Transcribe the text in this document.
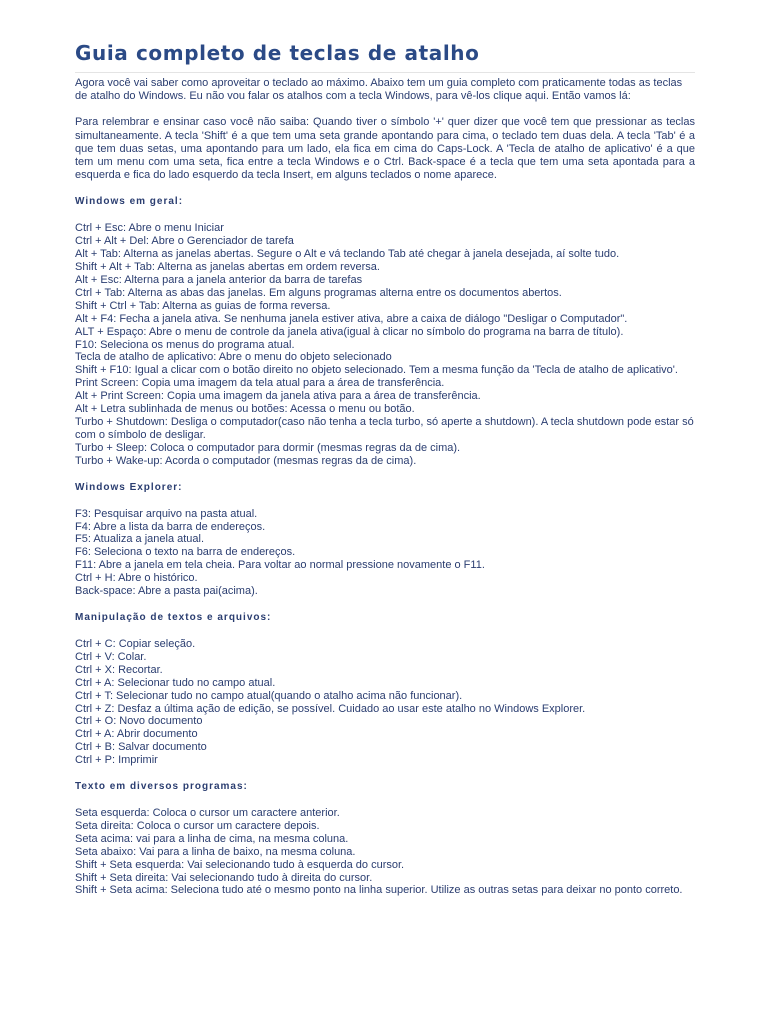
Guia completo de teclas de atalho

Agora você vai saber como aproveitar o teclado ao máximo. Abaixo tem um guia completo com praticamente todas as teclas de atalho do Windows. Eu não vou falar os atalhos com a tecla Windows, para vê-los clique aqui. Então vamos lá:

Para relembrar e ensinar caso você não saiba: Quando tiver o símbolo '+' quer dizer que você tem que pressionar as teclas simultaneamente. A tecla 'Shift' é a que tem uma seta grande apontando para cima, o teclado tem duas dela. A tecla 'Tab' é a que tem duas setas, uma apontando para um lado, ela fica em cima do Caps-Lock. A 'Tecla de atalho de aplicativo' é a que tem um menu com uma seta, fica entre a tecla Windows e o Ctrl. Back-space é a tecla que tem uma seta apontada para a esquerda e fica do lado esquerdo da tecla Insert, em alguns teclados o nome aparece.

Windows em geral:
Ctrl + Esc: Abre o menu Iniciar
Ctrl + Alt + Del: Abre o Gerenciador de tarefa
Alt + Tab: Alterna as janelas abertas. Segure o Alt e vá teclando Tab até chegar à janela desejada, aí solte tudo.
Shift + Alt + Tab: Alterna as janelas abertas em ordem reversa.
Alt + Esc: Alterna para a janela anterior da barra de tarefas
Ctrl + Tab: Alterna as abas das janelas. Em alguns programas alterna entre os documentos abertos.
Shift + Ctrl + Tab: Alterna as guias de forma reversa.
Alt + F4: Fecha a janela ativa. Se nenhuma janela estiver ativa, abre a caixa de diálogo "Desligar o Computador".
ALT + Espaço: Abre o menu de controle da janela ativa(igual à clicar no símbolo do programa na barra de título).
F10: Seleciona os menus do programa atual.
Tecla de atalho de aplicativo: Abre o menu do objeto selecionado
Shift + F10: Igual a clicar com o botão direito no objeto selecionado. Tem a mesma função da 'Tecla de atalho de aplicativo'.
Print Screen: Copia uma imagem da tela atual para a área de transferência.
Alt + Print Screen: Copia uma imagem da janela ativa para a área de transferência.
Alt + Letra sublinhada de menus ou botões: Acessa o menu ou botão.
Turbo + Shutdown: Desliga o computador(caso não tenha a tecla turbo, só aperte a shutdown). A tecla shutdown pode estar só com o símbolo de desligar.
Turbo + Sleep: Coloca o computador para dormir (mesmas regras da de cima).
Turbo + Wake-up: Acorda o computador (mesmas regras da de cima).
Windows Explorer:
F3: Pesquisar arquivo na pasta atual.
F4: Abre a lista da barra de endereços.
F5: Atualiza a janela atual.
F6: Seleciona o texto na barra de endereços.
F11: Abre a janela em tela cheia. Para voltar ao normal pressione novamente o F11.
Ctrl + H: Abre o histórico.
Back-space: Abre a pasta pai(acima).
Manipulação de textos e arquivos:
Ctrl + C: Copiar seleção.
Ctrl + V: Colar.
Ctrl + X: Recortar.
Ctrl + A: Selecionar tudo no campo atual.
Ctrl + T: Selecionar tudo no campo atual(quando o atalho acima não funcionar).
Ctrl + Z: Desfaz a última ação de edição, se possível. Cuidado ao usar este atalho no Windows Explorer.
Ctrl + O: Novo documento
Ctrl + A: Abrir documento
Ctrl + B: Salvar documento
Ctrl + P: Imprimir
Texto em diversos programas:
Seta esquerda: Coloca o cursor um caractere anterior.
Seta direita: Coloca o cursor um caractere depois.
Seta acima: vai para a linha de cima, na mesma coluna.
Seta abaixo: Vai para a linha de baixo, na mesma coluna.
Shift + Seta esquerda: Vai selecionando tudo à esquerda do cursor.
Shift + Seta direita: Vai selecionando tudo à direita do cursor.
Shift + Seta acima: Seleciona tudo até o mesmo ponto na linha superior. Utilize as outras setas para deixar no ponto correto.
